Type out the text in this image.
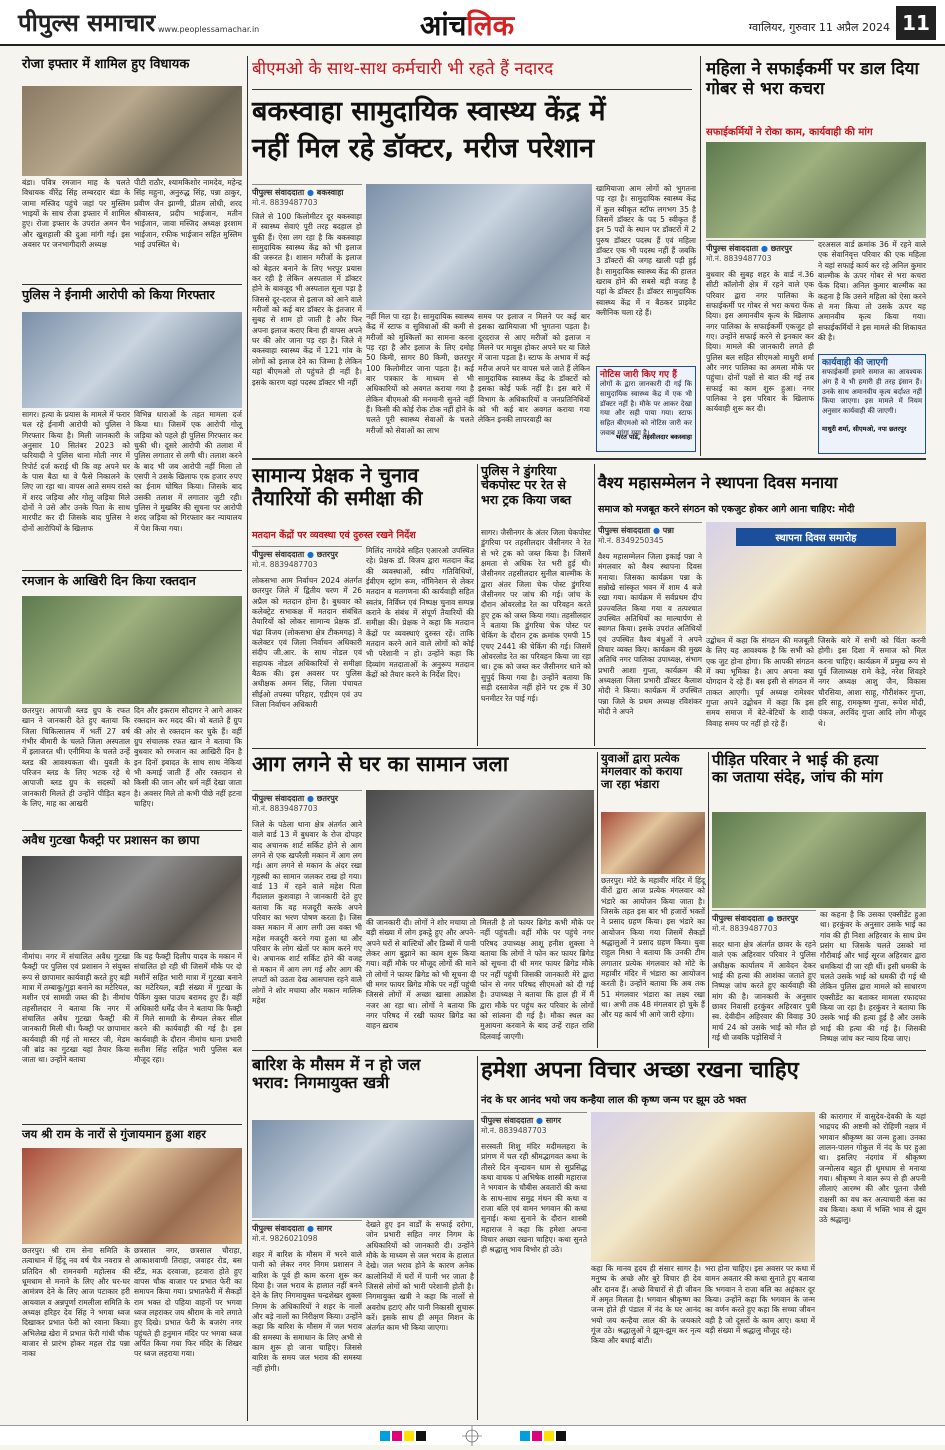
पीपुल्स समाचार www.peoplessamachar.in	आंचलिक	ग्वालियर, गुरुवार 11 अप्रैल 2024 11
रोजा इफ्तार में शामिल हुए विधायक
बंडा। पवित्र रमजान माह के चलते विधायक वीरेंद्र सिंह लम्बरदार बंडा के जामा मस्जिद पहुंचे जहां पर मुस्लिम भाइयों के साथ रोजा इफ्तार में शामिल हुए। रोजा इफ्तार के उपरांत अमन चैन और खुशहाली की दुआ मांगी गई। इस अवसर पर जनभागीदारी अध्यक्ष
पीटी राठौर, श्यामकिशोर नामदेव, महेन्द्र सिंह महुना, अनुरुद्ध सिंह, पन्ना ठाकुर, प्रवीण जैन झाग्गी, प्रीतम लोधी, शरद श्रीवास्तव, प्रदीप भाईजान, मतीन भाईजान, जावा मस्जिद अध्यक्ष इरशाम भाईजान, रफीक भाईजान सहित मुस्लिम भाई उपस्थित थे।
पुलिस ने ईनामी आरोपी को किया गिरफ्तार
सागर। हत्या के प्रयास के मामले में फरार चल रहे ईनामी आरोपी को पुलिस ने गिरफ्तार किया है। मिली जानकारी के अनुसार 10 सितंबर 2023 को फरियादी ने पुलिस थाना मोती नगर में रिपोर्ट दर्ज कराई थी कि वह अपने घर के पास बैठा था वे फैसे निकालने के लिए जा रहा था। वापस आते समय रास्ते में शरद जड़िया और गोलू जड़िया मिले दोनों ने उसे और उनके पिता के साथ मारपीट कर दी जिसके बाद पुलिस ने दोनों आरोपियों के खिलाफ
विभिन्न धाराओं के तहत मामला दर्ज किया था। जिसमें एक आरोपी गोलू जड़िया को पहले ही पुलिस गिरफ्तार कर चुकी थी। दूसरे आरोपी की तलाश में पुलिस लगातार से लगी थी। तलाश करने के बाद भी जब आरोपी नहीं मिला तो एसपी ने उसके खिलाफ एक हजार रुपए का ईनाम घोषित किया। जिसके बाद उसकी तलाश में लगातार जुटी रही। पुलिस ने मुखबिर की सूचना पर आरोपी शरद जड़िया को गिरफ्तार कर न्यायालय में पेश किया गया।
रमजान के आखिरी दिन किया रक्तदान
छतरपुर। आपाजी ब्लड ग्रुप के रफत खान ने जानकारी देते हुए बताया कि जिला चिकित्सालय में भर्ती 27 वर्ष गंभीर बीमारी के चलते जिला अस्पताल में इलाजरत थी। एनीमिया के चलते उन्हें ब्लड की आवश्यकता थी। युवती के परिजन ब्लड के लिए भटक रहे थे आपाजी ब्लड ग्रुप के सदस्यों को जानकारी मिलते ही उन्होंने पीड़ित बहन के लिए, माह का आखरी
दिन और इकराम सौदागर ने आगे आकर रक्तदान कर मदद की। वो बताते हैं ग्रुप की ओर से रक्तदान कर चुके हैं। वहीं ग्रुप संचालक रफत खान ने बताया कि बुधवार को रमजान का आखिरी दिन है इन दिनों इबादत के साथ साथ नेकियां भी कमाई जाती हैं और रक्तदान से किसी की जान और धर्म नहीं देखा जाता है। अवसर मिले तो कभी पीछे नहीं हटना चाहिए।
अवैध गुटखा फैक्ट्री पर प्रशासन का छापा
नीमांच। नगर में संचालित अवैध गुटखा फैक्ट्री पर पुलिस एवं प्रशासन ने संयुक्त रूप से छापामार कार्यवाही करते हुए बड़ी मात्रा में तम्बाकू/गुड़ा बनाने का मटेरियल, मशीन एवं सामग्री जब्त की है। नीमांच तहसीलदार ने बताया कि नगर में संचालित अवैध गुटखा फैक्ट्री की जानकारी मिली थी। फैक्ट्री पर छापामार कार्यवाही की गई तो मास्टर जी, मेडम जी ब्रांड का गुटखा यहां तैयार किया जाता था। उन्होंने बताया
कि यह फैक्ट्री दिलीप यादव के मकान में संचालित हो रही थी जिसमें मौके पर दो मशीनें सहित भारी मात्रा में गुटखा बनाने का मटेरियल, बड़ी संख्या में गुटखा के पैकिंग युक्त पाउच बरामद हुए हैं। वहीं अधिकारी धर्मेंद्र जैन ने बताया कि फैक्ट्री में मिले सामग्री के सैम्पल लेकर सील करने की कार्यवाही की गई है। इस कार्यवाही के दौरान नीमांच थाना प्रभारी सतीश सिंह सहित भारी पुलिस बल मौजूद रहा।
जय श्री राम के नारों से गुंजायमान हुआ शहर
छतरपुर। श्री राम सेना समिति के तत्वाधान में हिंदू नव वर्ष चैत्र नवरात्र से प्रतिदिन श्री रामनवमी महोत्सव की धूमधाम से मनाने के लिए और घर-घर आमंत्रण देने के लिए आज पटाकार हरी आयवाल व अन्नपूर्णा रामलीला समिति के अध्यक्ष हरिहर देव सिंह ने भगवा ध्वज दिखाकर प्रभात फेरी को रवाना किया। अभिलेख खेरा में प्रभात फेरी गांधी चौक बाजार से प्रारंभ होकर महल रोड पन्ना नाका
छत्रसाल नगर, छत्रसाल चौराहा, आकाशवाणी तिराहा, जवाहर रोड, बस स्टैंड, मऊ दरवाजा, हटवारा होते हुए वापस चौक बाजार पर प्रभात फेरी का समापन किया गया। प्रभातफेरी में सैकड़ों राम भक्त दो पहिया वाहनों पर भगवा ध्वज लहराकर जय श्रीराम के नारे लगाते हुए दिखे। प्रभात फेरी के बजरंग नगर पहुंचते ही हनुमान मंदिर पर भगवा ध्वज अर्पित किया गया फिर मंदिर के शिखर पर ध्वज लहराया गया।
बीएमओ के साथ-साथ कर्मचारी भी रहते हैं नदारद
बकस्वाहा सामुदायिक स्वास्थ्य केंद्र में
नहीं मिल रहे डॉक्टर, मरीज परेशान
पीपुल्स संवाददाता ● बकस्वाहा
मो.नं. 8839487703
जिले से 100 किलोमीटर दूर बकस्वाहा में स्वास्थ्य सेवाएं पूरी तरह बदहाल हो चुकी हैं। ऐसा लग रहा है कि बकस्वाहा सामुदायिक स्वास्थ्य केंद्र को भी इलाज की जरूरत है। शासन मरीजों के इलाज को बेहतर बनाने के लिए भरपूर प्रयास कर रही है लेकिन अस्पताल में डॉक्टर होने के बावजूद भी अस्पताल सूना पड़ा है जिससे दूर-दराज से इलाज को आने वाले मरीजों को कई बार डॉक्टर के इंतजार में सुबह से शाम हो जाती है और फिर अपना इलाज कराए बिना ही वापस अपने घर की ओर जाना पड़ रहा है। जिले में बकस्वाहा स्वास्थ्य केंद्र में 121 गांव के लोगों को इलाज देने का जिम्मा है लेकिन यहां बीएमओ तो पहुंचते ही नहीं है। इसके कारण यहां पदस्थ डॉक्टर भी नहीं
नहीं मिल पा रहा है। सामुदायिक स्वास्थ्य केंद्र में स्टाफ व सुविधाओं की कमी से मरीजों को मुश्किलों का सामना करना पड़ रहा है और इलाज के लिए दमोह 50 किमी, सागर 80 किमी, छतरपुर 100 किलोमीटर जाना पड़ता है। कई बार पत्रकार के माध्यम से भी अधिकारियों को अवगत कराया गया है लेकिन बीएमओ की मनमानी सुनते नहीं हैं। किसी की कोई रोक टोक नहीं होने के चलते पूरी स्वास्थ्य सेवाओं के चलते मरीजों को सेवाओं का लाभ
समय पर इलाज न मिलने पर कई बार इसका खामियाजा भी भुगतना पड़ता है। दूरदराज से आए मरीजों को इलाज न मिलने पर मायूस होकर अपने घर या जिले में जाना पड़ता है। स्टाफ के अभाव में कई मरीज अपने घर वापस चले जाते हैं लेकिन सामुदायिक स्वास्थ्य केंद्र के डॉक्टरों को इसका कोई फर्क नहीं है। इस बारे में विभाग के अधिकारियों व जनप्रतिनिधियों को भी कई बार अवगत कराया गया लेकिन इनकी लापरवाही का
खामियाजा आम लोगों को भुगतना पड़ रहा है। सामुदायिक स्वास्थ्य केंद्र में कुल स्वीकृत स्टॉफ लगभग 35 है जिसमें डॉक्टर के पद 5 स्वीकृत हैं इन 5 पदों के स्थान पर डॉक्टरों में 2 पुरुष डॉक्टर पदस्थ हैं एवं महिला डॉक्टर एक भी पदस्थ नहीं हैं जबकि 3 डॉक्टरों की जगह खाली पड़ी हुई है। सामुदायिक स्वास्थ्य केंद्र की हालत खराब होने की सबसे बड़ी वजह है यहां के डॉक्टर हैं। डॉक्टर सामुदायिक स्वास्थ्य केंद्र में न बैठकर प्राइवेट क्लीनिक चला रहे हैं।
नोटिस जारी किए गए हैं
लोगों के द्वारा जानकारी दी गई कि सामुदायिक स्वास्थ्य केंद्र में एक भी डॉक्टर नहीं है। मौके पर आकर देखा गया और सही पाया गया। स्टाफ सहित बीएमओ को नोटिस जारी कर जवाब मांगा गया है।
भरत पांडे, तहसीलदार बकस्वाहा
महिला ने सफाईकर्मी पर डाल दिया गोबर से भरा कचरा
सफाईकर्मियों ने रोका काम, कार्यवाही की मांग
पीपुल्स संवाददाता ● छतरपुर
मो.नं. 8839487703
बुधवार की सुबह शहर के वार्ड नं.36 सीटी कॉलोनी क्षेत्र में रहने वाले एक परिवार द्वारा नगर पालिका के सफाईकर्मी पर गोबर से भरा कचरा फेंक दिया। इस अमानवीय कृत्य के खिलाफ नगर पालिका के सफाईकर्मी एकजुट हो गए। उन्होंने सफाई करने से इनकार कर दिया। मामले की जानकारी लगते ही पुलिस बल सहित सीएमओ माधुरी शर्मा और नगर पालिका का अमला मौके पर पहुंचा। दोनों पक्षों से बात की गई तब सफाई का काम शुरू हुआ। नगर पालिका ने इस परिवार के खिलाफ कार्यवाही शुरू कर दी।
दरअसल वार्ड क्रमांक 36 में रहने वाले एक सेवानिवृत्त परिवार की एक महिला ने यहां सफाई कार्य कर रहे अनिल कुमार बाल्मीक के ऊपर गोबर से भरा कचरा फेंक दिया। अनिल कुमार बाल्मीक का कहना है कि उसने महिला को ऐसा करने से मना किया तो उसके ऊपर यह अमानवीय कृत्य किया गया। सफाईकर्मियों ने इस मामले की शिकायत की है।
कार्यवाही की जाएगी
सफाईकर्मी हमारे समाज का आवश्यक अंग हैं वे भी हमारी ही तरह इंसान हैं। उनके साथ अमानवीय कृत्य बर्दाश्त नहीं किया जाएगा। इस मामले में नियम अनुसार कार्यवाही की जाएगी।
माधुरी शर्मा, सीएमओ, नपा छतरपुर
सामान्य प्रेक्षक ने चुनाव
तैयारियों की समीक्षा की
मतदान केंद्रों पर व्यवस्था एवं दुरुस्त रखने निर्देश
पीपुल्स संवाददाता ● छतरपुर
मो.नं. 8839487703
लोकसभा आम निर्वाचन 2024 अंतर्गत छतरपुर जिले में द्वितीय चरण में 26 अप्रैल को मतदान होना है। बुधवार को कलेक्ट्रेट सभाकक्ष में मतदान संबंधित तैयारियों को लोकर सामान्य प्रेक्षक डॉ. चंद्रा विजय (लोकसभा क्षेत्र टीकमगढ़) ने कलेक्टर एवं जिला निर्वाचन अधिकारी संदीप जी.आर. के साथ नोडल एवं सहायक नोडल अधिकारियों से समीक्षा बैठक की। इस अवसर पर पुलिस अधीक्षक अमन सिंह, जिला पंचायत सीईओ तपस्या परिहार, एडीएम एवं उप जिला निर्वाचन अधिकारी
मिलिंद नागदेवे सहित एआरओ उपस्थित रहे। प्रेक्षक डॉ. विजय द्वारा मतदान केंद्र की व्यवस्थाओं, स्वीप गतिविधियों, ईवीएम स्ट्रांग रूम, नॉमिनेशन से लेकर मतदान व मतगणना की कार्यवाही सहित स्वतंत्र, निर्विघ्न एवं निष्पक्ष चुनाव सम्पन्न कराने के संबंध में संपूर्ण तैयारियों की समीक्षा की। प्रेक्षक ने कहा कि मतदान केंद्रों पर व्यवस्थाएं दुरुस्त रहें। ताकि मतदान करने आने वाले लोगों को कोई भी परेशानी न हो। उन्होंने कहा कि दिव्यांग मतदाताओं के अनुरूप मतदान केंद्रों को तैयार करने के निर्देश दिए।
पुलिस ने डुंगरिया
चेकपोस्ट पर रेत से
भरा ट्रक किया जब्त
सागर। जैसीनगर के अंतर जिला चेकपोस्ट डुंगरिया पर तहसीलदार जैसीनगर ने रेत से भरे ट्रक को जब्त किया है। जिसमें क्षमता से अधिक रेत भरी हुई थी। जैसीनगर तहसीलदार सुनील बाल्मीक के द्वारा अंतर जिला चेक पोस्ट डुंगरिया जैसीनगर पर जांच की गई। जांच के दौरान ओवरलोड रेत का परिवहन करते हुए ट्रक को जब्त किया गया। तहसीलदार ने बताया कि डुंगरिया चेक पोस्ट पर चेकिंग के दौरान ट्रक क्रमांक एमपी 15 एचए 2441 की चेकिंग की गई। जिसमें ओवरलोड रेत का परिवहन किया जा रहा था। ट्रक को जब्त कर जैसीनगर थाने को सुपुर्द किया गया है। उन्होंने बताया कि सड़ी दस्तावेज नहीं होने पर ट्रक में 30 घनमीटर रेत पाई गई।
वैश्य महासम्मेलन ने स्थापना दिवस मनाया
समाज को मजबूत करने संगठन को एकजुट होकर आगे आना चाहिए: मोदी
पीपुल्स संवाददाता ● पन्ना
मो.नं. 8349250345
वैश्य महासम्मेलन जिला इकाई पन्ना ने मंगलवार को वैश्य स्थापना दिवस मनाया। जिसका कार्यक्रम पन्ना के सन्नोखे सांस्कृत भवन में शाम 4 बजे रखा गया। कार्यक्रम में सर्वप्रथम दीप प्रज्ज्वलित किया गया व तत्पश्चात उपस्थित अतिथियों का माल्यार्पण से स्वागत किया। इसके उपरांत अतिथियों एवं उपस्थित वैश्य बंधुओं ने अपने विचार व्यक्त किए। कार्यक्रम की मुख्य अतिथि नगर पालिका उपाध्यक्ष, संभाग प्रभारी आशा गुप्ता, कार्यक्रम की अध्यक्षता जिला प्रभारी डॉक्टर कैलाश मोदी ने किया। कार्यक्रम में उपस्थित पन्ना जिले के प्रथम अध्यक्ष रविशंकर मोदी ने अपने
स्थापना दिवस समारोह
उद्बोधन में कहा कि संगठन की मजबूती के लिए यह आवश्यक है कि सभी को एक जुट होना होगा। कि आपकी संगठन में क्या भूमिका है। आप अपना क्या योगदान दे रहे हैं। बस इसी से संगठन में ताकत आएगी। पूर्व अध्यक्ष रामेश्वर गुप्ता अपने उद्बोधन में कहा कि इस समय समाज में बेटे-बेटियों के शादी विवाह समय पर नहीं हो रहे हैं।
जिसके बारे में सभी को चिंता करनी होगी। इस दिशा में समाज को मिल करना चाहिए। कार्यक्रम में प्रमुख रूप से पूर्व जिलाध्यक्ष रामे केड़े, नरेश शिवहरे नगर अध्यक्ष आशु जैन, विकास चौरसिया, आशा साहू, गौरीशंकर गुप्ता, हरि साहू, रामकृष्ण गुप्ता, रूपेश मोदी, पंकज, अरविंद गुप्ता आदि लोग मौजूद थे।
आग लगने से घर का सामान जला
पीपुल्स संवाददाता ● छतरपुर
मो.नं. 8839487703
जिले के पठेला थाना क्षेत्र अंतर्गत आने वाले वार्ड 13 में बुधवार के रोज दोपहर बाद अचानक शार्ट सर्किट होने से आग लगने से एक खपरैली मकान में आग लग गई। आग लगने से मकान के अंदर रखा गृहस्थी का सामान जलकर राख हो गया। वार्ड 13 में रहने वाले महेश पिता गैंदालाल कुशवाहा ने जानकारी देते हुए बताया कि वह मजदूरी करके अपने परिवार का भरण पोषण करता है। जिस वक्त मकान में आग लगी उस वक्त भी महेश मजदूरी करने गया हुआ था और परिवार के लोग खेतों पर काम करने गए थे। अचानक शार्ट सर्किट होने की वजह से मकान में आग लग गई और आग की लपटों को उठता देख आसपास रहने वाले लोगों ने शोर मचाया और मकान मालिक महेश
की जानकारी दी। लोगों ने शोर मचाया तो बड़ी संख्या में लोग इकट्ठे हुए और अपने-अपने घरों से बाल्टियों और डिब्बों में पानी लेकर आग बुझाने का काम शुरू किया गया। वहीं मौके पर मौजूद लोगों की माने तो लोगों ने फायर ब्रिगेड को भी सूचना दी थी मगर फायर ब्रिगेड मौके पर नहीं पहुंची जिससे लोगों में अच्छा खासा आक्रोश नजर आ रहा था। लोगों ने बताया कि नगर परिषद में रखी फायर ब्रिगेड का वाहन ख़राब
मिलती है तो फायर ब्रिगेड कभी मौके पर नहीं पहुंचती। वहीं मौके पर पहुंचे नगर परिषद उपाध्यक्ष आशू हनीश शुक्ला ने बताया कि लोगों ने फोन कर फायर ब्रिगेड को सूचना दी थी मगर फायर ब्रिगेड मौके पर नहीं पहुंची जिसकी जानकारी मेरे द्वारा फोन से नगर परिषद सीएमओ को दी गई है। उपाध्यक्ष ने बताया कि हाल ही में मैं द्वारा मौके पर पहुंच कर परिवार के लोगों को सांत्वना दी गई है। मौका स्थल का मुआयना करवाने के बाद उन्हें राहत राशि दिलवाई जाएगी।
युवाओं द्वारा प्रत्येक
मंगलवार को कराया
जा रहा भंडारा
छतरपुर। मोटे के महावीर मंदिर में हिंदू वीरों द्वारा आज प्रत्येक मंगलवार को भंडारे का आयोजन किया जाता है। जिसके तहत इस बार भी हजारों भक्तों ने प्रसाद ग्रहण किया। इस भंडारे का आयोजन किया गया जिसमें सैकड़ों श्रद्धालुओं ने प्रसाद ग्रहण किया। युवा राहुल मिश्रा ने बताया कि उनकी टीम लगातार प्रत्येक मंगलवार को मोटे के महावीर मंदिर में भंडारा का आयोजन करती है। उन्होंने बताया कि अब तक 51 मंगलवार भंडारा का लक्ष्य रखा था। अभी तक 48 मंगलवार हो चुके हैं और यह कार्य भी आगे जारी रहेगा।
पीड़ित परिवार ने भाई की हत्या
का जताया संदेह, जांच की मांग
पीपुल्स संवाददाता ● छतरपुर
मो.नं. 8839487703
सदर थाना क्षेत्र अंतर्गत छावर के रहने वाले एक अहिरवार परिवार ने पुलिस अधीक्षक कार्यालय में आवेदन देकर भाई की हत्या की आशंका जताते हुए निष्पक्ष जांच करते हुए कार्यवाही की मांग की है। जानकारी के अनुसार छावर निवासी हरकुंवर अहिरवार पुत्री स्व. देवीदीन अहिरवार की विवाह 30 मार्च 24 को उसके भाई को मौत हो गई थी जबकि पड़ोसियों ने
का कहना है कि उसका एक्सीडेंट हुआ था। हरकुंवर के अनुसार उसके भाई का गांव की ही निशा अहिरवार के साथ प्रेम प्रसंग था जिसके चलते उसको मां गौरीबाई और भाई सूरज अहिरवार द्वारा धमकियां दी जा रही थीं। इसी धमकी के चलते उसके भाई को धमकी दी गई थी लेकिन पुलिस द्वारा मामले को साधारण एक्सीडेंट का बताकर मामला रफादफा किया जा रहा है। हरकुंवर ने बताया कि उसके भाई की हत्या हुई है और उसके भाई की हत्या की गई है। जिसकी निष्पक्ष जांच कर न्याय दिया जाए।
बारिश के मौसम में न हो जल
भराव: निगमायुक्त खत्री
पीपुल्स संवाददाता ● सागर
मो.नं. 9826021098
शहर में बारिश के मौसम में भरने वाले पानी को लेकर नगर निगम प्रशासन ने बारिश के पूर्व ही काम करना शुरू कर दिया है। जल भराव के हालात नहीं बनने देने के लिए निगमायुक्त चन्द्रशेखर शुक्ला निगम के अधिकारियों ने शहर के नालों और बड़े नालों का निरीक्षण किया। उन्होंने कहा कि बारिश के मौसम में जल भराव की समस्या के समाधान के लिए अभी से काम शुरू हो जाना चाहिए। जिससे बारिश के समय जल भराव की समस्या नहीं होगी।
देखते हुए इन वार्डों के सफाई दरोगा, जोन प्रभारी सहित नगर निगम के अधिकारियों को जानकारी दी। उन्होंने मौके के माध्यम से जल भराव के हालात देखे। जल भराव होने के कारण अनेक कालोनियों में घरों में पानी भर जाता है जिससे लोगों को भारी परेशानी होती है। निगमायुक्त खत्री ने कहा कि नालों से अवरोध हटाएं और पानी निकासी सुचारू करें। इसके साथ ही अमृत मिशन के अंतर्गत काम भी किया जाएगा।
हमेशा अपना विचार अच्छा रखना चाहिए
नंद के घर आनंद भयो जय कन्हैया लाल की कृष्ण जन्म पर झूम उठे भक्त
पीपुल्स संवाददाता ● सागर
मो.नं. 8839487703
सरस्वती शिशु मंदिर मदीमलहरा के प्रांगण में चल रही श्रीमद्भागवत कथा के तीसरे दिन वृन्दावन धाम से सुप्रसिद्ध कथा वाचक पं अभिषेक शास्त्री महाराज ने भगवान के चौबीस अवतारों की कथा के साथ-साथ समुद्र मंथन की कथा व राजा बलि एवं वामन भगवान की कथा सुनाई। कथा सुनाने के दौरान शास्त्री महाराज ने कहा कि हमेशा अपना विचार अच्छा रखना चाहिए। कथा सुनते ही श्रद्धालु भाव विभोर हो उठे।
कहा कि मानव हृदय ही संसार सागर है। मनुष्य के अच्छे और बुरे विचार ही देव और दानव हैं। अच्छे विचारों से ही जीवन में अमृत मिलता है। भगवान श्रीकृष्ण का जन्म होते ही पंडाल में नंद के घर आनंद भयो जय कन्हैया लाल की के जयकारे गूंज उठे। श्रद्धालुओं ने झूम-झूम कर नृत्य किया और बधाई बांटी।
भरा होना चाहिए। इस अवसर पर कथा में वामन अवतार की कथा सुनाते हुए बताया कि भगवान ने राजा बलि का अहंकार दूर किया। उन्होंने कहा कि भगवान के जन्म का वर्णन करते हुए कहा कि सच्चा जीवन वही है जो दूसरों के काम आए। कथा में बड़ी संख्या में श्रद्धालु मौजूद रहे।
की कारागार में वासुदेव-देवकी के यहां भाद्रपद की अष्टमी को रोहिणी नक्षत्र में भगवान श्रीकृष्ण का जन्म हुआ। उनका लालन-पालन गोकुल में नंद के घर हुआ था। इसलिए नंदगांव में श्रीकृष्ण जन्मोत्सव बहुत ही धूमधाम से मनाया गया। श्रीकृष्ण ने बाल रूप से ही अपनी लीलाएं आरम्भ की और पूतना जैसी राक्षसी का वध कर अत्याचारी कंस का वध किया। कथा में भक्ति भाव से झूम उठे श्रद्धालु।
